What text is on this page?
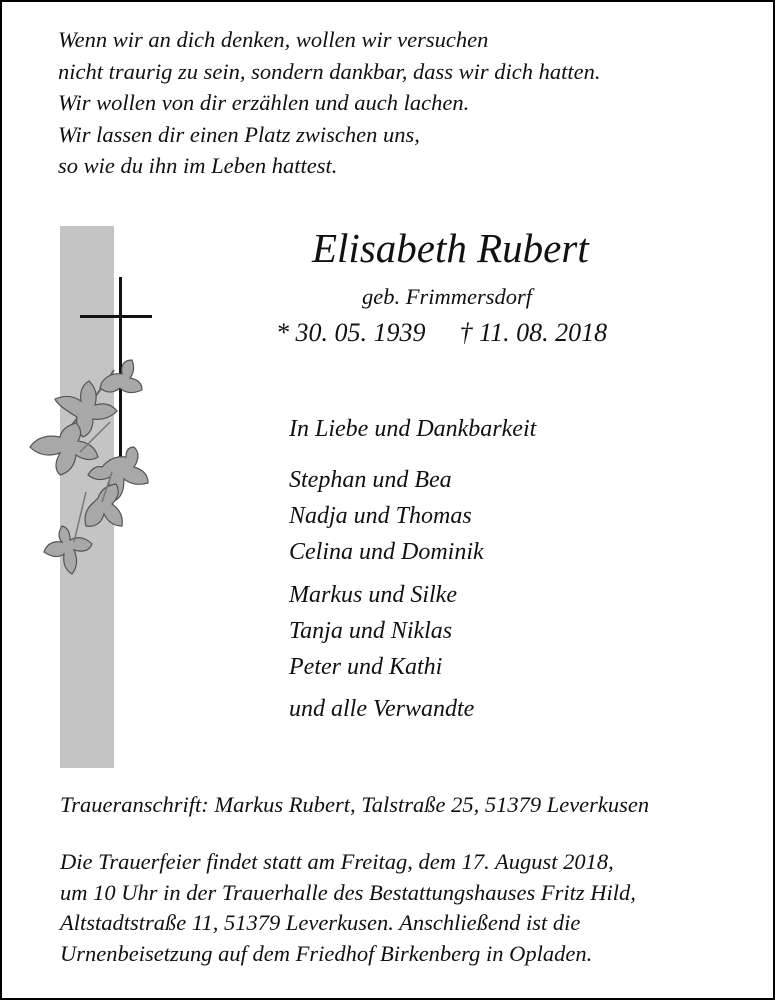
Wenn wir an dich denken, wollen wir versuchen
nicht traurig zu sein, sondern dankbar, dass wir dich hatten.
Wir wollen von dir erzählen und auch lachen.
Wir lassen dir einen Platz zwischen uns,
so wie du ihn im Leben hattest.
Elisabeth Rubert
geb. Frimmersdorf
* 30. 05. 1939 † 11. 08. 2018
In Liebe und Dankbarkeit
Stephan und Bea
Nadja und Thomas
Celina und Dominik
Markus und Silke
Tanja und Niklas
Peter und Kathi
und alle Verwandte
Traueranschrift: Markus Rubert, Talstraße 25, 51379 Leverkusen
Die Trauerfeier findet statt am Freitag, dem 17. August 2018,
um 10 Uhr in der Trauerhalle des Bestattungshauses Fritz Hild,
Altstadtstraße 11, 51379 Leverkusen. Anschließend ist die
Urnenbeisetzung auf dem Friedhof Birkenberg in Opladen.
